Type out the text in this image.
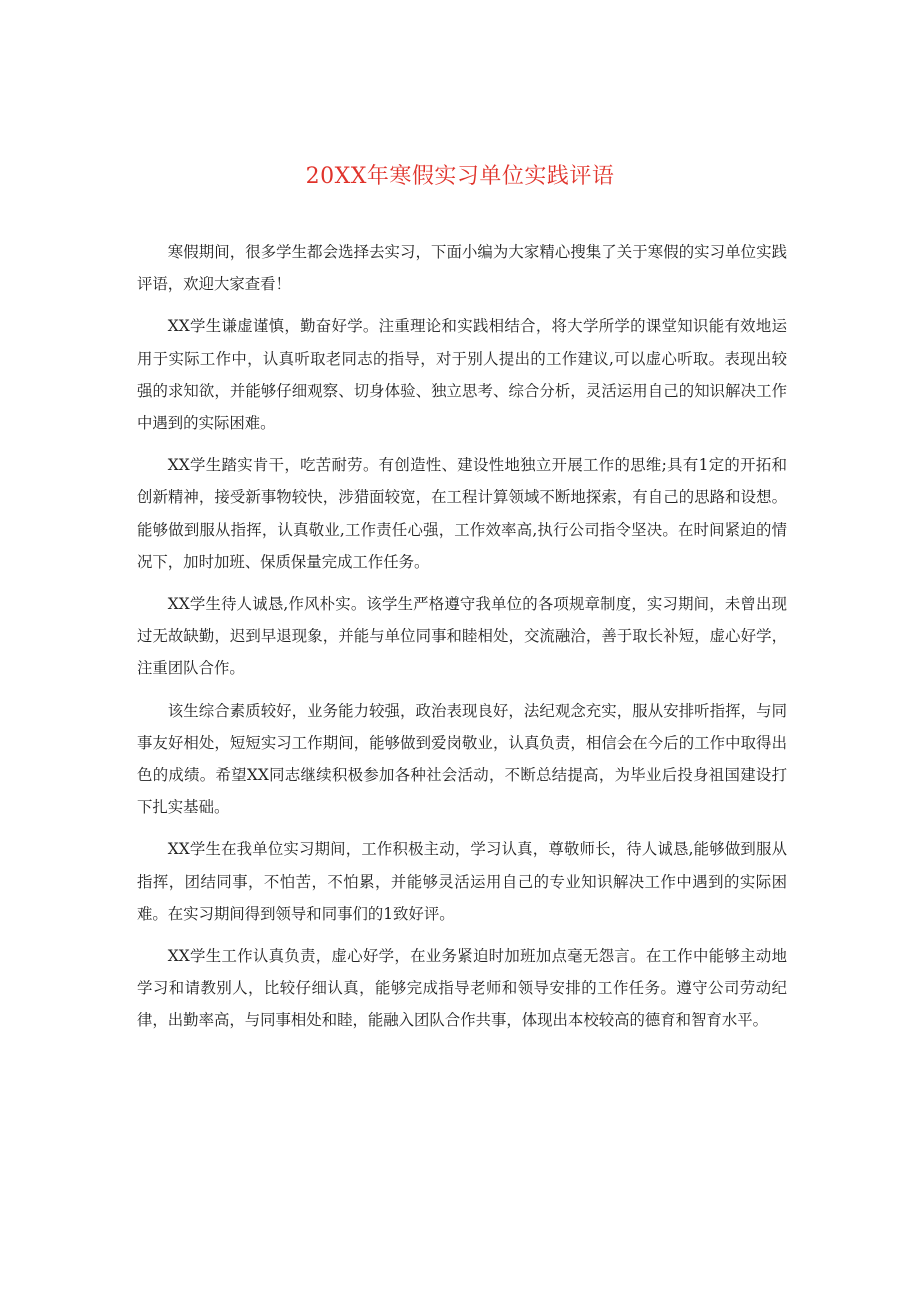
20XX年寒假实习单位实践评语

寒假期间，很多学生都会选择去实习，下面小编为大家精心搜集了关于寒假的实习单位实践评语，欢迎大家查看！

XX学生谦虚谨慎，勤奋好学。注重理论和实践相结合，将大学所学的课堂知识能有效地运用于实际工作中，认真听取老同志的指导，对于别人提出的工作建议,可以虚心听取。表现出较强的求知欲，并能够仔细观察、切身体验、独立思考、综合分析，灵活运用自己的知识解决工作中遇到的实际困难。

XX学生踏实肯干，吃苦耐劳。有创造性、建设性地独立开展工作的思维;具有1定的开拓和创新精神，接受新事物较快，涉猎面较宽，在工程计算领域不断地探索，有自己的思路和设想。能够做到服从指挥，认真敬业,工作责任心强，工作效率高,执行公司指令坚决。在时间紧迫的情况下，加时加班、保质保量完成工作任务。

XX学生待人诚恳,作风朴实。该学生严格遵守我单位的各项规章制度，实习期间，未曾出现过无故缺勤，迟到早退现象，并能与单位同事和睦相处，交流融洽，善于取长补短，虚心好学，注重团队合作。

该生综合素质较好，业务能力较强，政治表现良好，法纪观念充实，服从安排听指挥，与同事友好相处，短短实习工作期间，能够做到爱岗敬业，认真负责，相信会在今后的工作中取得出色的成绩。希望XX同志继续积极参加各种社会活动，不断总结提高，为毕业后投身祖国建设打下扎实基础。

XX学生在我单位实习期间，工作积极主动，学习认真，尊敬师长，待人诚恳,能够做到服从指挥，团结同事，不怕苦，不怕累，并能够灵活运用自己的专业知识解决工作中遇到的实际困难。在实习期间得到领导和同事们的1致好评。

XX学生工作认真负责，虚心好学，在业务紧迫时加班加点毫无怨言。在工作中能够主动地学习和请教别人，比较仔细认真，能够完成指导老师和领导安排的工作任务。遵守公司劳动纪律，出勤率高，与同事相处和睦，能融入团队合作共事，体现出本校较高的德育和智育水平。
